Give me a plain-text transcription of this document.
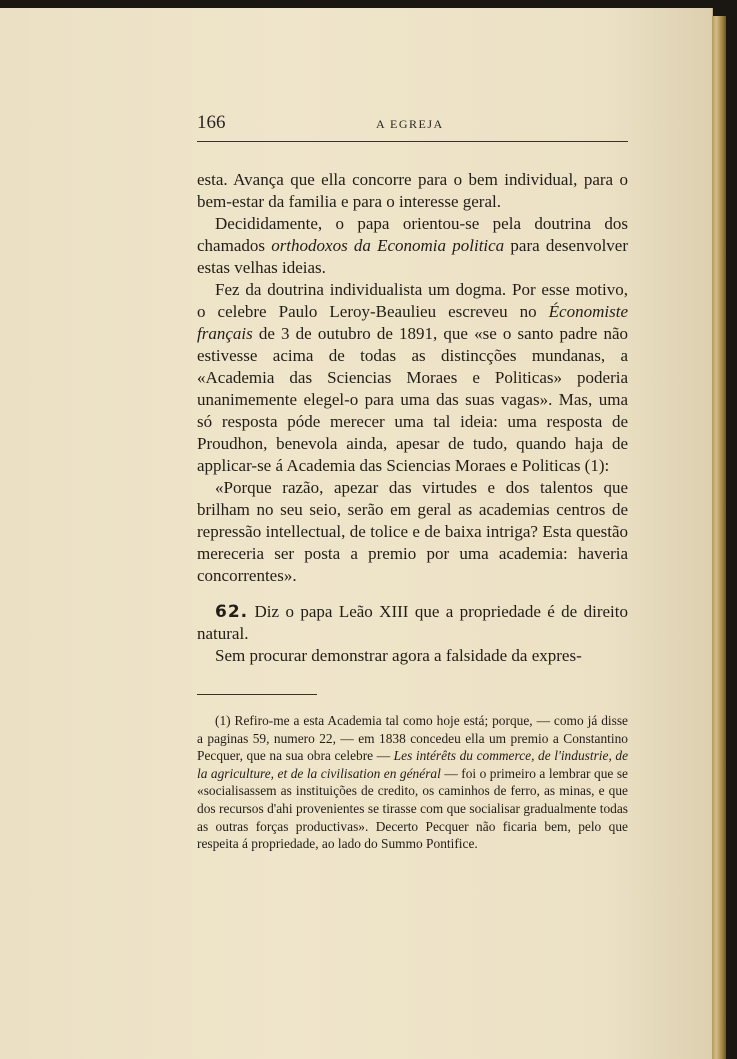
166	A EGREJA

esta. Avança que ella concorre para o bem individual, para o bem-estar da familia e para o interesse geral.

Decididamente, o papa orientou-se pela doutrina dos chamados orthodoxos da Economia politica para desenvolver estas velhas ideias.

Fez da doutrina individualista um dogma. Por esse motivo, o celebre Paulo Leroy-Beaulieu escreveu no Économiste français de 3 de outubro de 1891, que «se o santo padre não estivesse acima de todas as distincções mundanas, a «Academia das Sciencias Moraes e Politicas» poderia unanimemente elegel-o para uma das suas vagas». Mas, uma só resposta póde merecer uma tal ideia: uma resposta de Proudhon, benevola ainda, apesar de tudo, quando haja de applicar-se á Academia das Sciencias Moraes e Politicas (1):

«Porque razão, apezar das virtudes e dos talentos que brilham no seu seio, serão em geral as academias centros de repressão intellectual, de tolice e de baixa intriga? Esta questão mereceria ser posta a premio por uma academia: haveria concorrentes».

62. Diz o papa Leão XIII que a propriedade é de direito natural.

Sem procurar demonstrar agora a falsidade da expres-

(1) Refiro-me a esta Academia tal como hoje está; porque, — como já disse a paginas 59, numero 22, — em 1838 concedeu ella um premio a Constantino Pecquer, que na sua obra celebre — Les intérêts du commerce, de l'industrie, de la agriculture, et de la civilisation en général — foi o primeiro a lembrar que se «socialisassem as instituições de credito, os caminhos de ferro, as minas, e que dos recursos d'ahi provenientes se tirasse com que socialisar gradualmente todas as outras forças productivas». Decerto Pecquer não ficaria bem, pelo que respeita á propriedade, ao lado do Summo Pontifice.
